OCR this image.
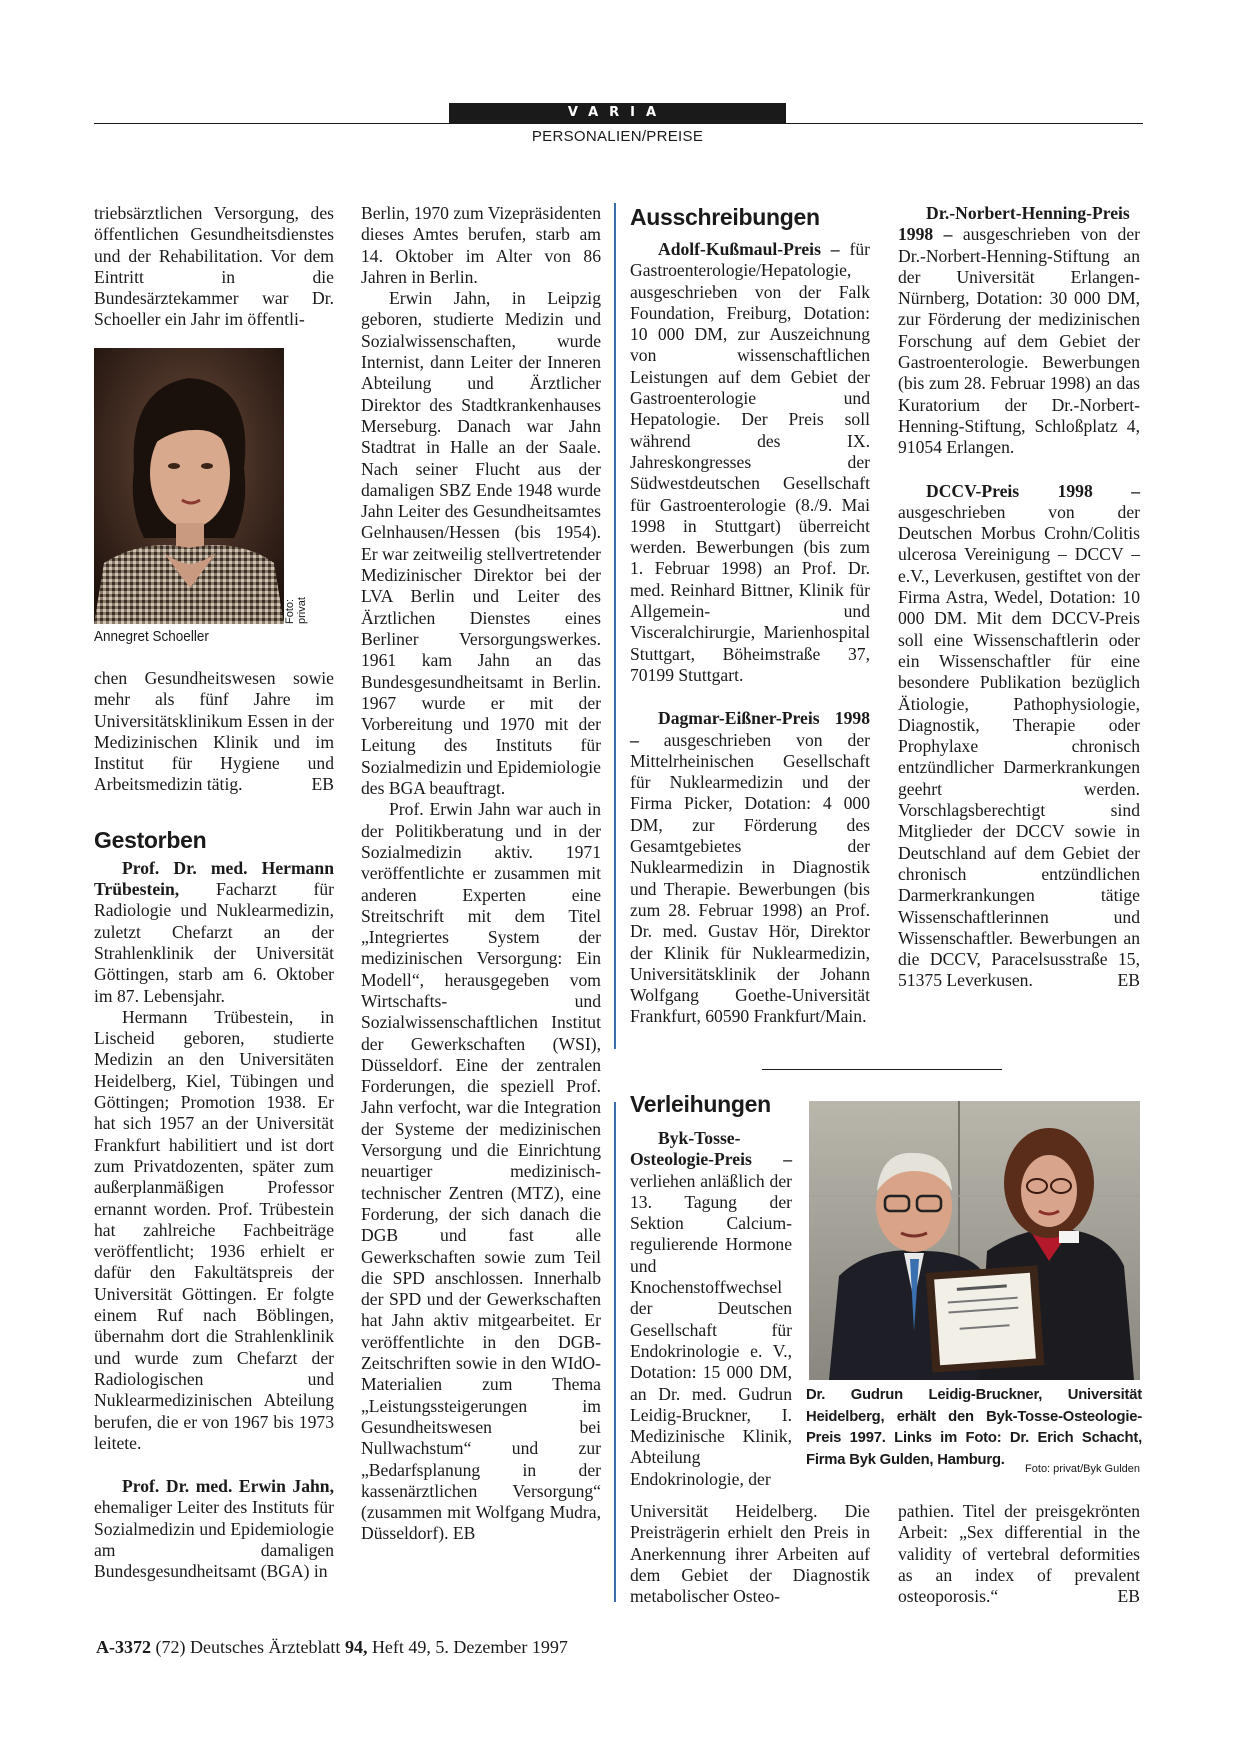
VARIA
PERSONALIEN/PREISE

triebsärztlichen Versorgung, des öffentlichen Gesundheitsdienstes und der Rehabilitation. Vor dem Eintritt in die Bundesärztekammer war Dr. Schoeller ein Jahr im öffentli-

Foto: privat
Annegret Schoeller

chen Gesundheitswesen sowie mehr als fünf Jahre im Universitätsklinikum Essen in der Medizinischen Klinik und im Institut für Hygiene und Arbeitsmedizin tätig.	EB

Gestorben

Prof. Dr. med. Hermann Trübestein, Facharzt für Radiologie und Nuklearmedizin, zuletzt Chefarzt an der Strahlenklinik der Universität Göttingen, starb am 6. Oktober im 87. Lebensjahr.

Hermann Trübestein, in Lischeid geboren, studierte Medizin an den Universitäten Heidelberg, Kiel, Tübingen und Göttingen; Promotion 1938. Er hat sich 1957 an der Universität Frankfurt habilitiert und ist dort zum Privatdozenten, später zum außerplanmäßigen Professor ernannt worden. Prof. Trübestein hat zahlreiche Fachbeiträge veröffentlicht; 1936 erhielt er dafür den Fakultätspreis der Universität Göttingen. Er folgte einem Ruf nach Böblingen, übernahm dort die Strahlenklinik und wurde zum Chefarzt der Radiologischen und Nuklearmedizinischen Abteilung berufen, die er von 1967 bis 1973 leitete.

Prof. Dr. med. Erwin Jahn, ehemaliger Leiter des Instituts für Sozialmedizin und Epidemiologie am damaligen Bundesgesundheitsamt (BGA) in

Berlin, 1970 zum Vizepräsidenten dieses Amtes berufen, starb am 14. Oktober im Alter von 86 Jahren in Berlin.

Erwin Jahn, in Leipzig geboren, studierte Medizin und Sozialwissenschaften, wurde Internist, dann Leiter der Inneren Abteilung und Ärztlicher Direktor des Stadtkrankenhauses Merseburg. Danach war Jahn Stadtrat in Halle an der Saale. Nach seiner Flucht aus der damaligen SBZ Ende 1948 wurde Jahn Leiter des Gesundheitsamtes Gelnhausen/Hessen (bis 1954). Er war zeitweilig stellvertretender Medizinischer Direktor bei der LVA Berlin und Leiter des Ärztlichen Dienstes eines Berliner Versorgungswerkes. 1961 kam Jahn an das Bundesgesundheitsamt in Berlin. 1967 wurde er mit der Vorbereitung und 1970 mit der Leitung des Instituts für Sozialmedizin und Epidemiologie des BGA beauftragt.

Prof. Erwin Jahn war auch in der Politikberatung und in der Sozialmedizin aktiv. 1971 veröffentlichte er zusammen mit anderen Experten eine Streitschrift mit dem Titel „Integriertes System der medizinischen Versorgung: Ein Modell“, herausgegeben vom Wirtschafts- und Sozialwissenschaftlichen Institut der Gewerkschaften (WSI), Düsseldorf. Eine der zentralen Forderungen, die speziell Prof. Jahn verfocht, war die Integration der Systeme der medizinischen Versorgung und die Einrichtung neuartiger medizinisch-technischer Zentren (MTZ), eine Forderung, der sich danach die DGB und fast alle Gewerkschaften sowie zum Teil die SPD anschlossen. Innerhalb der SPD und der Gewerkschaften hat Jahn aktiv mitgearbeitet. Er veröffentlichte in den DGB-Zeitschriften sowie in den WIdO-Materialien zum Thema „Leistungssteigerungen im Gesundheitswesen bei Nullwachstum“ und zur „Bedarfsplanung in der kassenärztlichen Versorgung“ (zusammen mit Wolfgang Mudra, Düsseldorf). EB

Ausschreibungen

Adolf-Kußmaul-Preis – für Gastroenterologie/Hepatologie, ausgeschrieben von der Falk Foundation, Freiburg, Dotation: 10 000 DM, zur Auszeichnung von wissenschaftlichen Leistungen auf dem Gebiet der Gastroenterologie und Hepatologie. Der Preis soll während des IX. Jahreskongresses der Südwestdeutschen Gesellschaft für Gastroenterologie (8./9. Mai 1998 in Stuttgart) überreicht werden. Bewerbungen (bis zum 1. Februar 1998) an Prof. Dr. med. Reinhard Bittner, Klinik für Allgemein- und Visceralchirurgie, Marienhospital Stuttgart, Böheimstraße 37, 70199 Stuttgart.

Dagmar-Eißner-Preis 1998 – ausgeschrieben von der Mittelrheinischen Gesellschaft für Nuklearmedizin und der Firma Picker, Dotation: 4 000 DM, zur Förderung des Gesamtgebietes der Nuklearmedizin in Diagnostik und Therapie. Bewerbungen (bis zum 28. Februar 1998) an Prof. Dr. med. Gustav Hör, Direktor der Klinik für Nuklearmedizin, Universitätsklinik der Johann Wolfgang Goethe-Universität Frankfurt, 60590 Frankfurt/Main.

Verleihungen

Byk-Tosse-Osteologie-Preis – verliehen anläßlich der 13. Tagung der Sektion Calcium-regulierende Hormone und Knochenstoffwechsel der Deutschen Gesellschaft für Endokrinologie e. V., Dotation: 15 000 DM, an Dr. med. Gudrun Leidig-Bruckner, I. Medizinische Klinik, Abteilung Endokrinologie, der

Universität Heidelberg. Die Preisträgerin erhielt den Preis in Anerkennung ihrer Arbeiten auf dem Gebiet der Diagnostik metabolischer Osteo-

Dr.-Norbert-Henning-Preis 1998 – ausgeschrieben von der Dr.-Norbert-Henning-Stiftung an der Universität Erlangen-Nürnberg, Dotation: 30 000 DM, zur Förderung der medizinischen Forschung auf dem Gebiet der Gastroenterologie. Bewerbungen (bis zum 28. Februar 1998) an das Kuratorium der Dr.-Norbert-Henning-Stiftung, Schloßplatz 4, 91054 Erlangen.

DCCV-Preis 1998 – ausgeschrieben von der Deutschen Morbus Crohn/Colitis ulcerosa Vereinigung – DCCV – e.V., Leverkusen, gestiftet von der Firma Astra, Wedel, Dotation: 10 000 DM. Mit dem DCCV-Preis soll eine Wissenschaftlerin oder ein Wissenschaftler für eine besondere Publikation bezüglich Ätiologie, Pathophysiologie, Diagnostik, Therapie oder Prophylaxe chronisch entzündlicher Darmerkrankungen geehrt werden. Vorschlagsberechtigt sind Mitglieder der DCCV sowie in Deutschland auf dem Gebiet der chronisch entzündlichen Darmerkrankungen tätige Wissenschaftlerinnen und Wissenschaftler. Bewerbungen an die DCCV, Paracelsusstraße 15, 51375 Leverkusen.	EB

Dr. Gudrun Leidig-Bruckner, Universität Heidelberg, erhält den Byk-Tosse-Osteologie-Preis 1997. Links im Foto: Dr. Erich Schacht, Firma Byk Gulden, Hamburg.
Foto: privat/Byk Gulden

pathien. Titel der preisgekrönten Arbeit: „Sex differential in the validity of vertebral deformities as an index of prevalent osteoporosis.“	EB

A-3372 (72) Deutsches Ärzteblatt 94, Heft 49, 5. Dezember 1997
